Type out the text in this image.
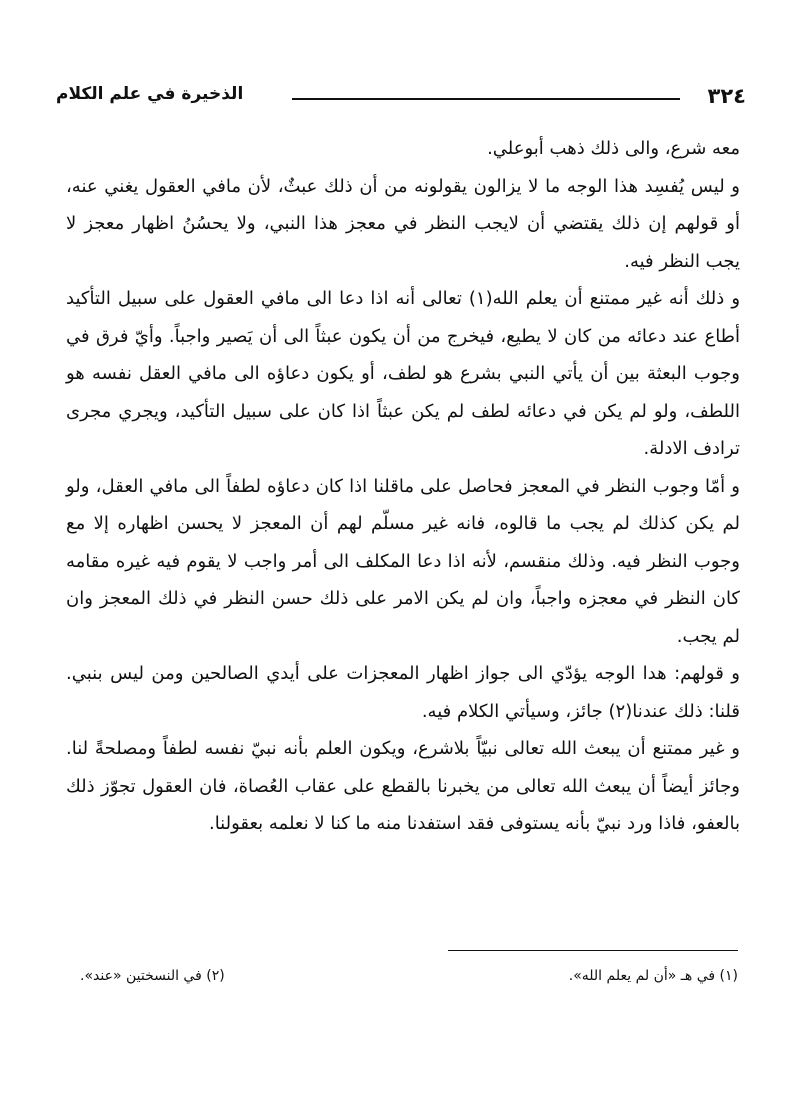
٣٢٤
الذخيرة في علم الكلام

معه شرع، والى ذلك ذهب أبوعلي.

و ليس يُفسِد هذا الوجه ما لا يزالون يقولونه من أن ذلك عبثٌ، لأن مافي العقول يغني عنه، أو قولهم إن ذلك يقتضي أن لايجب النظر في معجز هذا النبي، ولا يحسُنُ اظهار معجز لا يجب النظر فيه.

و ذلك أنه غير ممتنع أن يعلم الله(١) تعالى أنه اذا دعا الى مافي العقول على سبيل التأكيد أطاع عند دعائه من كان لا يطيع، فيخرج من أن يكون عبثاً الى أن يَصير واجباً. وأيّ فرق في وجوب البعثة بين أن يأتي النبي بشرع هو لطف، أو يكون دعاؤه الى مافي العقل نفسه هو اللطف، ولو لم يكن في دعائه لطف لم يكن عبثاً اذا كان على سبيل التأكيد، ويجري مجرى ترادف الادلة.

و أمّا وجوب النظر في المعجز فحاصل على ماقلنا اذا كان دعاؤه لطفاً الى مافي العقل، ولو لم يكن كذلك لم يجب ما قالوه، فانه غير مسلّم لهم أن المعجز لا يحسن اظهاره إلا مع وجوب النظر فيه. وذلك منقسم، لأنه اذا دعا المكلف الى أمر واجب لا يقوم فيه غيره مقامه كان النظر في معجزه واجباً، وان لم يكن الامر على ذلك حسن النظر في ذلك المعجز وان لم يجب.

و قولهم: هدا الوجه يؤدّي الى جواز اظهار المعجزات على أيدي الصالحين ومن ليس بنبي. قلنا: ذلك عندنا(٢) جائز، وسيأتي الكلام فيه.

و غير ممتنع أن يبعث الله تعالى نبيّاً بلاشرع، ويكون العلم بأنه نبيّ نفسه لطفاً ومصلحةً لنا. وجائز أيضاً أن يبعث الله تعالى من يخبرنا بالقطع على عقاب العُصاة، فان العقول تجوّز ذلك بالعفو، فاذا ورد نبيّ بأنه يستوفى فقد استفدنا منه ما كنا لا نعلمه بعقولنا.

(١) في هـ «أن لم يعلم الله».
(٢) في النسختين «عند».
